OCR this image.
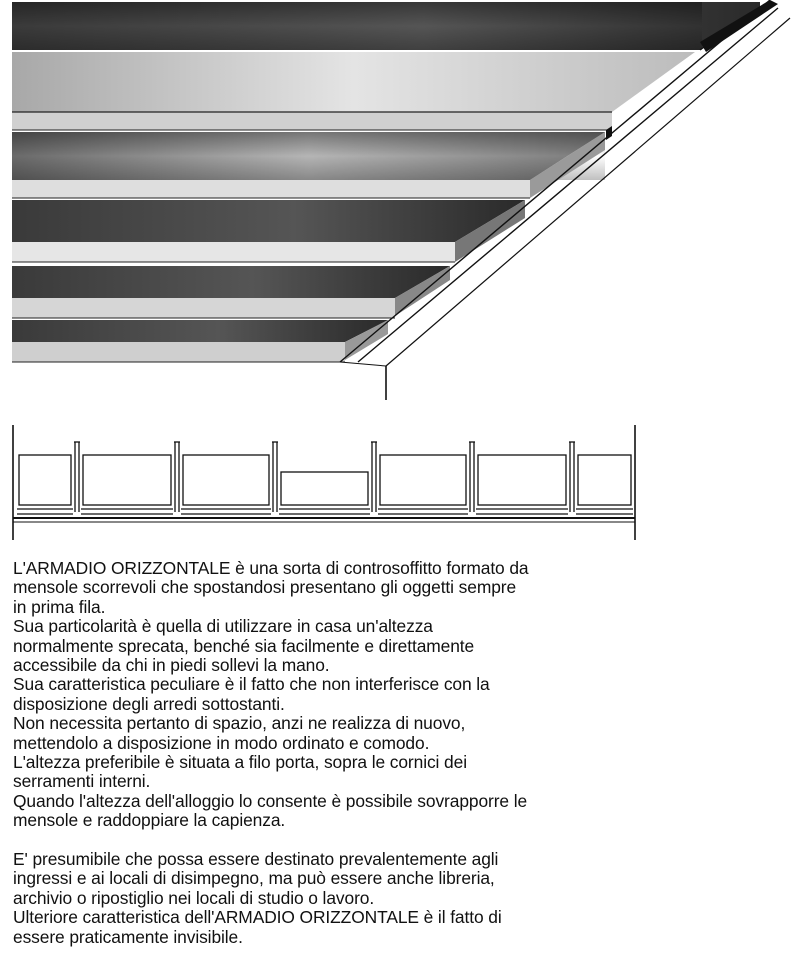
L'ARMADIO ORIZZONTALE è una sorta di controsoffitto formato da

mensole scorrevoli che spostandosi presentano gli oggetti sempre

in prima fila.

Sua particolarità è quella di utilizzare in casa un'altezza

normalmente sprecata, benché sia facilmente e direttamente

accessibile da chi in piedi sollevi la mano.

Sua caratteristica peculiare è il fatto che non interferisce con la

disposizione degli arredi sottostanti.

Non necessita pertanto di spazio, anzi ne realizza di nuovo,

mettendolo a disposizione in modo ordinato e comodo.

L'altezza preferibile è situata a filo porta, sopra le cornici dei

serramenti interni.

Quando l'altezza dell'alloggio lo consente è possibile sovrapporre le

mensole e raddoppiare la capienza.

E' presumibile che possa essere destinato prevalentemente agli

ingressi e ai locali di disimpegno, ma può essere anche libreria,

archivio o ripostiglio nei locali di studio o lavoro.

Ulteriore caratteristica dell'ARMADIO ORIZZONTALE è il fatto di

essere praticamente invisibile.
